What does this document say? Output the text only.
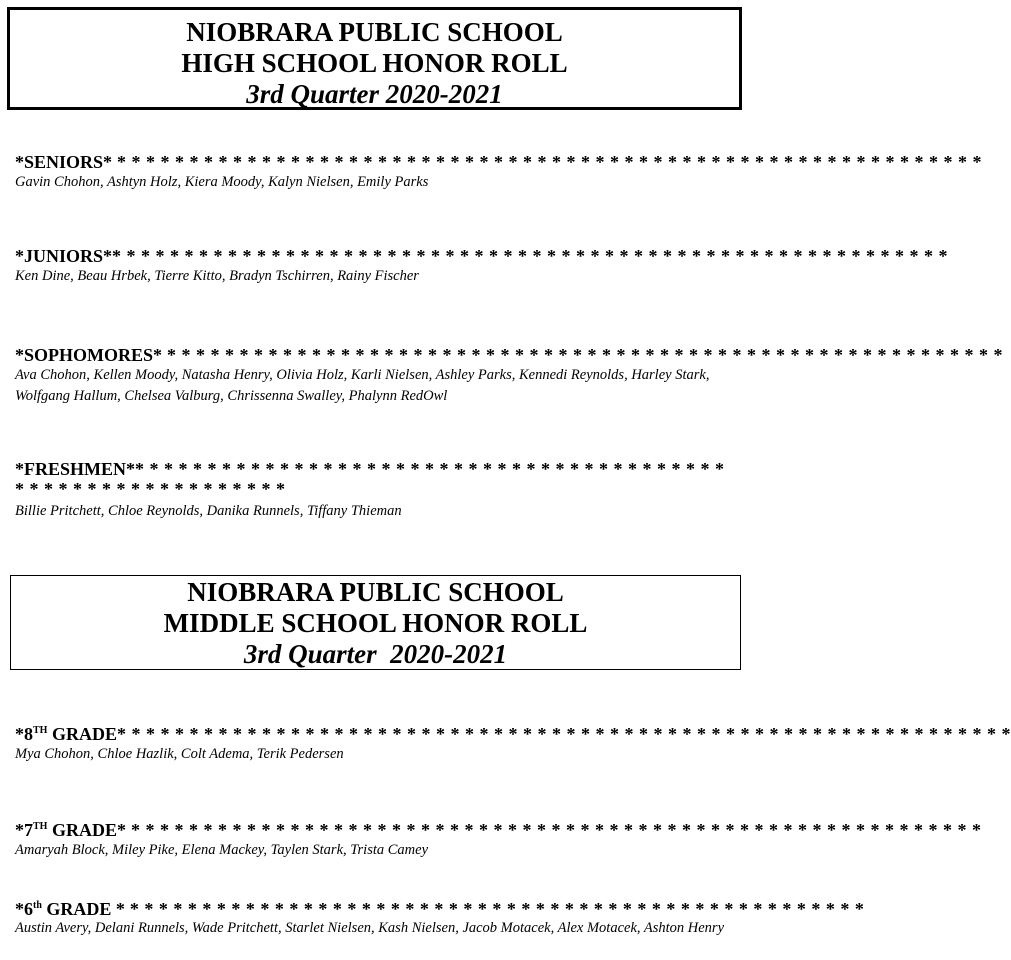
NIOBRARA PUBLIC SCHOOL
HIGH SCHOOL HONOR ROLL
3rd Quarter 2020-2021
*SENIORS* * * * * * * * * * * * * * * * * * * * * * * * * * * * * * * * * * * * * * * * * * * * * * * * * * * * * * * * * * * * *
Gavin Chohon, Ashtyn Holz, Kiera Moody, Kalyn Nielsen, Emily Parks
*JUNIORS** * * * * * * * * * * * * * * * * * * * * * * * * * * * * * * * * * * * * * * * * * * * * * * * * * * * * * * * * *
Ken Dine, Beau Hrbek, Tierre Kitto, Bradyn Tschirren, Rainy Fischer
*SOPHOMORES* * * * * * * * * * * * * * * * * * * * * * * * * * * * * * * * * * * * * * * * * * * * * * * * * * * * * * * * * * *
Ava Chohon, Kellen Moody, Natasha Henry, Olivia Holz, Karli Nielsen, Ashley Parks, Kennedi Reynolds, Harley Stark, Wolfgang Hallum, Chelsea Valburg, Chrissenna Swalley, Phalynn RedOwl
*FRESHMEN** * * * * * * * * * * * * * * * * * * * * * * * * * * * * * * * * * * * * * * * * * * * * * * * * * * * * * * * * * * *
Billie Pritchett, Chloe Reynolds, Danika Runnels, Tiffany Thieman
NIOBRARA PUBLIC SCHOOL
MIDDLE SCHOOL HONOR ROLL
3rd Quarter  2020-2021
*8TH GRADE* * * * * * * * * * * * * * * * * * * * * * * * * * * * * * * * * * * * * * * * * * * * * * * * * * * * * * * * * * * * * *
Mya Chohon, Chloe Hazlik, Colt Adema, Terik Pedersen
*7TH GRADE* * * * * * * * * * * * * * * * * * * * * * * * * * * * * * * * * * * * * * * * * * * * * * * * * * * * * * * * * * * *
Amaryah Block, Miley Pike, Elena Mackey, Taylen Stark, Trista Camey
*6th GRADE * * * * * * * * * * * * * * * * * * * * * * * * * * * * * * * * * * * * * * * * * * * * * * * * * * * *
Austin Avery, Delani Runnels, Wade Pritchett, Starlet Nielsen, Kash Nielsen, Jacob Motacek, Alex Motacek, Ashton Henry
